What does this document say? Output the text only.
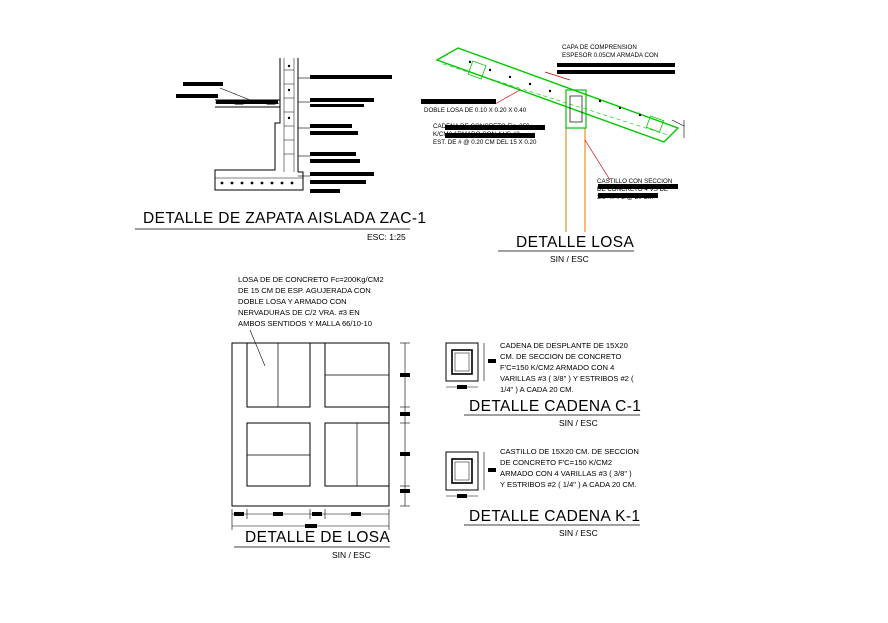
DETALLE DE ZAPATA AISLADA ZAC-1
ESC: 1:25
CAPA DE COMPRENSION
ESPESOR 0.05CM ARMADA CON
DOBLE LOSA DE 0.10 X 0.20 X 0.40
CADENA DE CONCRETO F'c=250
K/CM2 ARMADO CON 4 VS #3
EST. DE # @ 0.20 CM DEL 15 X 0.20
CASTILLO CON SECCION
DE CONCRETO 4 VS DE
3/8" ... # 2 @ 20 CM
DETALLE LOSA
SIN / ESC
LOSA DE DE CONCRETO Fc=200Kg/CM2
DE 15 CM DE ESP. AGUJERADA CON
DOBLE LOSA Y ARMADO CON
NERVADURAS DE C/2 VRA. #3 EN
AMBOS SENTIDOS Y MALLA 66/10-10
DETALLE DE LOSA
SIN / ESC
CADENA DE DESPLANTE DE 15X20
CM. DE SECCION DE CONCRETO
F'C=150 K/CM2 ARMADO CON 4
VARILLAS #3 ( 3/8" ) Y ESTRIBOS #2 (
1/4" ) A CADA 20 CM.
DETALLE CADENA C-1
SIN / ESC
CASTILLO DE 15X20 CM. DE SECCION
DE CONCRETO F'C=150 K/CM2
ARMADO CON 4 VARILLAS #3 ( 3/8" )
Y ESTRIBOS #2 ( 1/4" ) A CADA 20 CM.
DETALLE CADENA K-1
SIN / ESC
